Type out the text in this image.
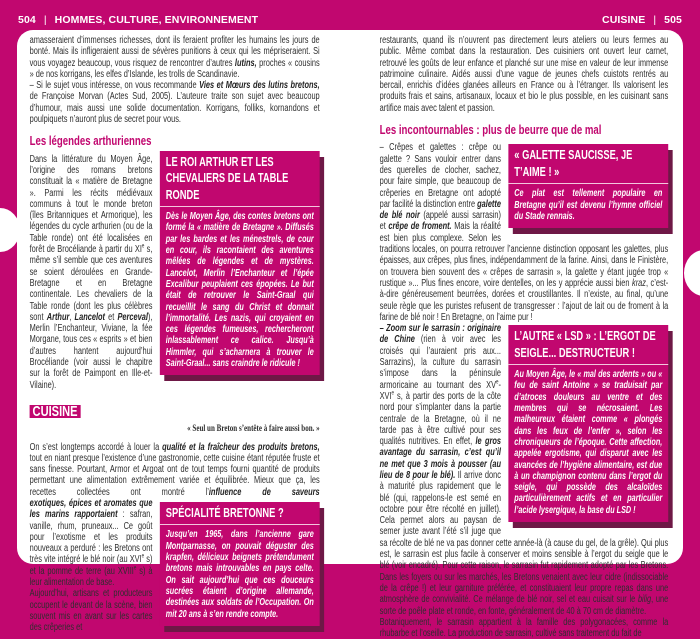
504 | HOMMES, CULTURE, ENVIRONNEMENT	CUISINE | 505

amasseraient d’immenses richesses, dont ils feraient profiter les humains les jours de bonté. Mais ils infligeraient aussi de sévères punitions à ceux qui les mépriseraient. Si vous voyagez beaucoup, vous risquez de rencontrer d’autres lutins, proches « cousins » de nos korrigans, les elfes d’Islande, les trolls de Scandinavie.

– Si le sujet vous intéresse, on vous recommande Vies et Mœurs des lutins bretons, de Françoise Morvan (Actes Sud, 2005). L’auteure traite son sujet avec beaucoup d’humour, mais aussi une solide documentation. Korrigans, folliks, kornandons et poulpiquets n’auront plus de secret pour vous.

Les légendes arthuriennes
LE ROI ARTHUR ET LES CHEVALIERS DE LA TABLE RONDE
Dès le Moyen Âge, des contes bretons ont formé la « matière de Bretagne ». Diffusés par les bardes et les ménestrels, de cour en cour, ils racontaient des aventures mêlées de légendes et de mystères. Lancelot, Merlin l’Enchanteur et l’épée Excalibur peuplaient ces épopées. Le but était de retrouver le Saint-Graal qui recueillit le sang du Christ et donnait l’immortalité. Les nazis, qui croyaient en ces légendes fumeuses, rechercheront inlassablement ce calice. Jusqu’à Himmler, qui s’acharnera à trouver le Saint-Graal... sans craindre le ridicule !

Dans la littérature du Moyen Âge, l’origine des romans bretons constituait la « matière de Bretagne ». Parmi les récits médiévaux communs à tout le monde breton (îles Britanniques et Armorique), les légendes du cycle arthurien (ou de la Table ronde) ont été localisées en forêt de Brocéliande à partir du XIe s, même s’il semble que ces aventures se soient déroulées en Grande-Bretagne et en Bretagne continentale. Les chevaliers de la Table ronde (dont les plus célèbres sont Arthur, Lancelot et Perceval), Merlin l’Enchanteur, Viviane, la fée Morgane, tous ces « esprits » et bien d’autres hantent aujourd’hui Brocéliande (voir aussi le chapitre sur la forêt de Paimpont en Ille-et-Vilaine).

CUISINE
« Seul un Breton s’entête à faire aussi bon. »

On s’est longtemps accordé à louer la qualité et la fraîcheur des produits bretons, tout en niant presque l’existence d’une gastronomie, cette cuisine étant réputée fruste et sans finesse. Pourtant, Armor et Argoat ont de tout temps fourni quantité de produits permettant une alimentation extrêmement variée et équilibrée. Mieux que ça, les recettes collectées ont montré l’influence de saveurs

SPÉCIALITÉ BRETONNE ?
Jusqu’en 1965, dans l’ancienne gare Montparnasse, on pouvait déguster des krapfen, délicieux beignets prétendument bretons mais introuvables en pays celte. On sait aujourd’hui que ces douceurs sucrées étaient d’origine allemande, destinées aux soldats de l’Occupation. On mit 20 ans à s’en rendre compte.

exotiques, épices et aromates que les marins rapportaient : safran, vanille, rhum, pruneaux... Ce goût pour l’exotisme et les produits nouveaux a perduré : les Bretons ont très vite intégré le blé noir (au XVIe s) et la pomme de terre (au XVIIIe s) à leur alimentation de base.

Aujourd’hui, artisans et producteurs occupent le devant de la scène, bien souvent mis en avant sur les cartes des crêperies et

restaurants, quand ils n’ouvrent pas directement leurs ateliers ou leurs fermes au public. Même combat dans la restauration. Des cuisiniers ont ouvert leur carnet, retrouvé les goûts de leur enfance et planché sur une mise en valeur de leur immense patrimoine culinaire. Aidés aussi d’une vague de jeunes chefs cuistots rentrés au bercail, enrichis d’idées glanées ailleurs en France ou à l’étranger. Ils valorisent les produits frais et sains, artisanaux, locaux et bio le plus possible, en les cuisinant sans artifice mais avec talent et passion.

Les incontournables : plus de beurre que de mal
« GALETTE SAUCISSE, JE T’AIME ! »
Ce plat est tellement populaire en Bretagne qu’il est devenu l’hymne officiel du Stade rennais.

– Crêpes et galettes : crêpe ou galette ? Sans vouloir entrer dans des querelles de clocher, sachez, pour faire simple, que beaucoup de crêperies en Bretagne ont adopté par facilité la distinction entre galette de blé noir (appelé aussi sarrasin) et crêpe de froment. Mais la réalité est bien plus complexe. Selon les traditions locales, on pourra retrouver l’ancienne distinction opposant les galettes, plus épaisses, aux crêpes, plus fines, indépendamment de la farine. Ainsi, dans le Finistère, on trouvera bien souvent des « crêpes de sarrasin », la galette y étant jugée trop « rustique »... Plus fines encore, voire dentelles, on les y apprécie aussi bien kraz, c’est-à-dire généreusement beurrées, dorées et croustillantes. Il n’existe, au final, qu’une seule règle que les puristes refusent de transgresser : l’ajout de lait ou de froment à la farine de blé noir ! En Bretagne, on l’aime pur !

L’AUTRE « LSD » : L’ERGOT DE SEIGLE... DESTRUCTEUR !
Au Moyen Âge, le « mal des ardents » ou « feu de saint Antoine » se traduisait par d’atroces douleurs au ventre et des membres qui se nécrosaient. Les malheureux étaient comme « plongés dans les feux de l’enfer », selon les chroniqueurs de l’époque. Cette affection, appelée ergotisme, qui disparut avec les avancées de l’hygiène alimentaire, est due à un champignon contenu dans l’ergot du seigle, qui possède des alcaloïdes particulièrement actifs et en particulier l’acide lysergique, la base du LSD !

– Zoom sur le sarrasin : originaire de Chine (rien à voir avec les croisés qui l’auraient pris aux... Sarrazins), la culture du sarrasin s’impose dans la péninsule armoricaine au tournant des XVe-XVIe s, à partir des ports de la côte nord pour s’implanter dans la partie centrale de la Bretagne, où il ne tarde pas à être cultivé pour ses qualités nutritives. En effet, le gros avantage du sarrasin, c’est qu’il ne met que 3 mois à pousser (au lieu de 8 pour le blé). Il arrive donc à maturité plus rapidement que le blé (qui, rappelons-le est semé en octobre pour être récolté en juillet). Cela permet alors au paysan de semer juste avant l’été s’il juge que sa récolte de blé ne va pas donner cette année-là (à cause du gel, de la grêle). Qui plus est, le sarrasin est plus facile à conserver et moins sensible à l’ergot du seigle que le blé (voir encadré). Pour cette raison, le sarrasin fut rapidement adopté par les Bretons. Dans les foyers ou sur les marchés, les Bretons venaient avec leur cidre (indissociable de la crêpe !) et leur garniture préférée, et constituaient leur propre repas dans une atmosphère de convivialité. Ce mélange de blé noir, sel et eau cuisait sur le bilig, une sorte de poêle plate et ronde, en fonte, généralement de 40 à 70 cm de diamètre.

Botaniquement, le sarrasin appartient à la famille des polygonacées, comme la rhubarbe et l’oseille. La production de sarrasin, cultivé sans traitement du fait de
